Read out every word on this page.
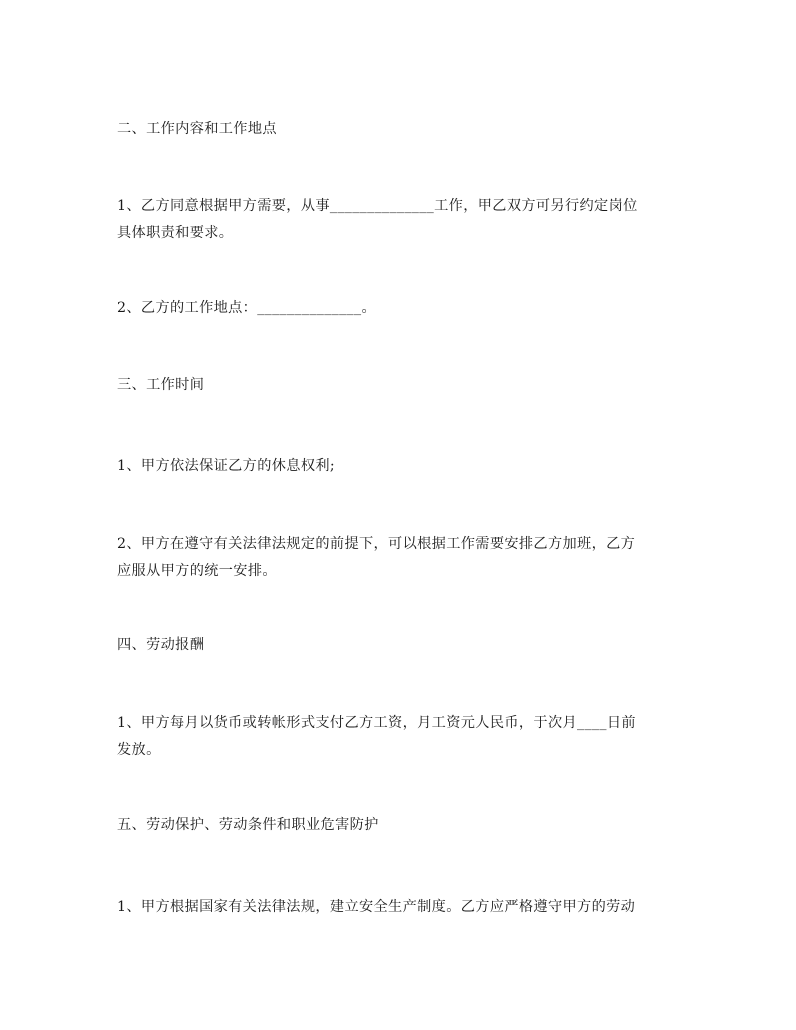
二、工作内容和工作地点

1、乙方同意根据甲方需要，从事______________工作，甲乙双方可另行约定岗位
具体职责和要求。

2、乙方的工作地点：______________。

三、工作时间

1、甲方依法保证乙方的休息权利;

2、甲方在遵守有关法律法规定的前提下，可以根据工作需要安排乙方加班，乙方
应服从甲方的统一安排。

四、劳动报酬

1、甲方每月以货币或转帐形式支付乙方工资，月工资元人民币，于次月____日前
发放。

五、劳动保护、劳动条件和职业危害防护

1、甲方根据国家有关法律法规，建立安全生产制度。乙方应严格遵守甲方的劳动
